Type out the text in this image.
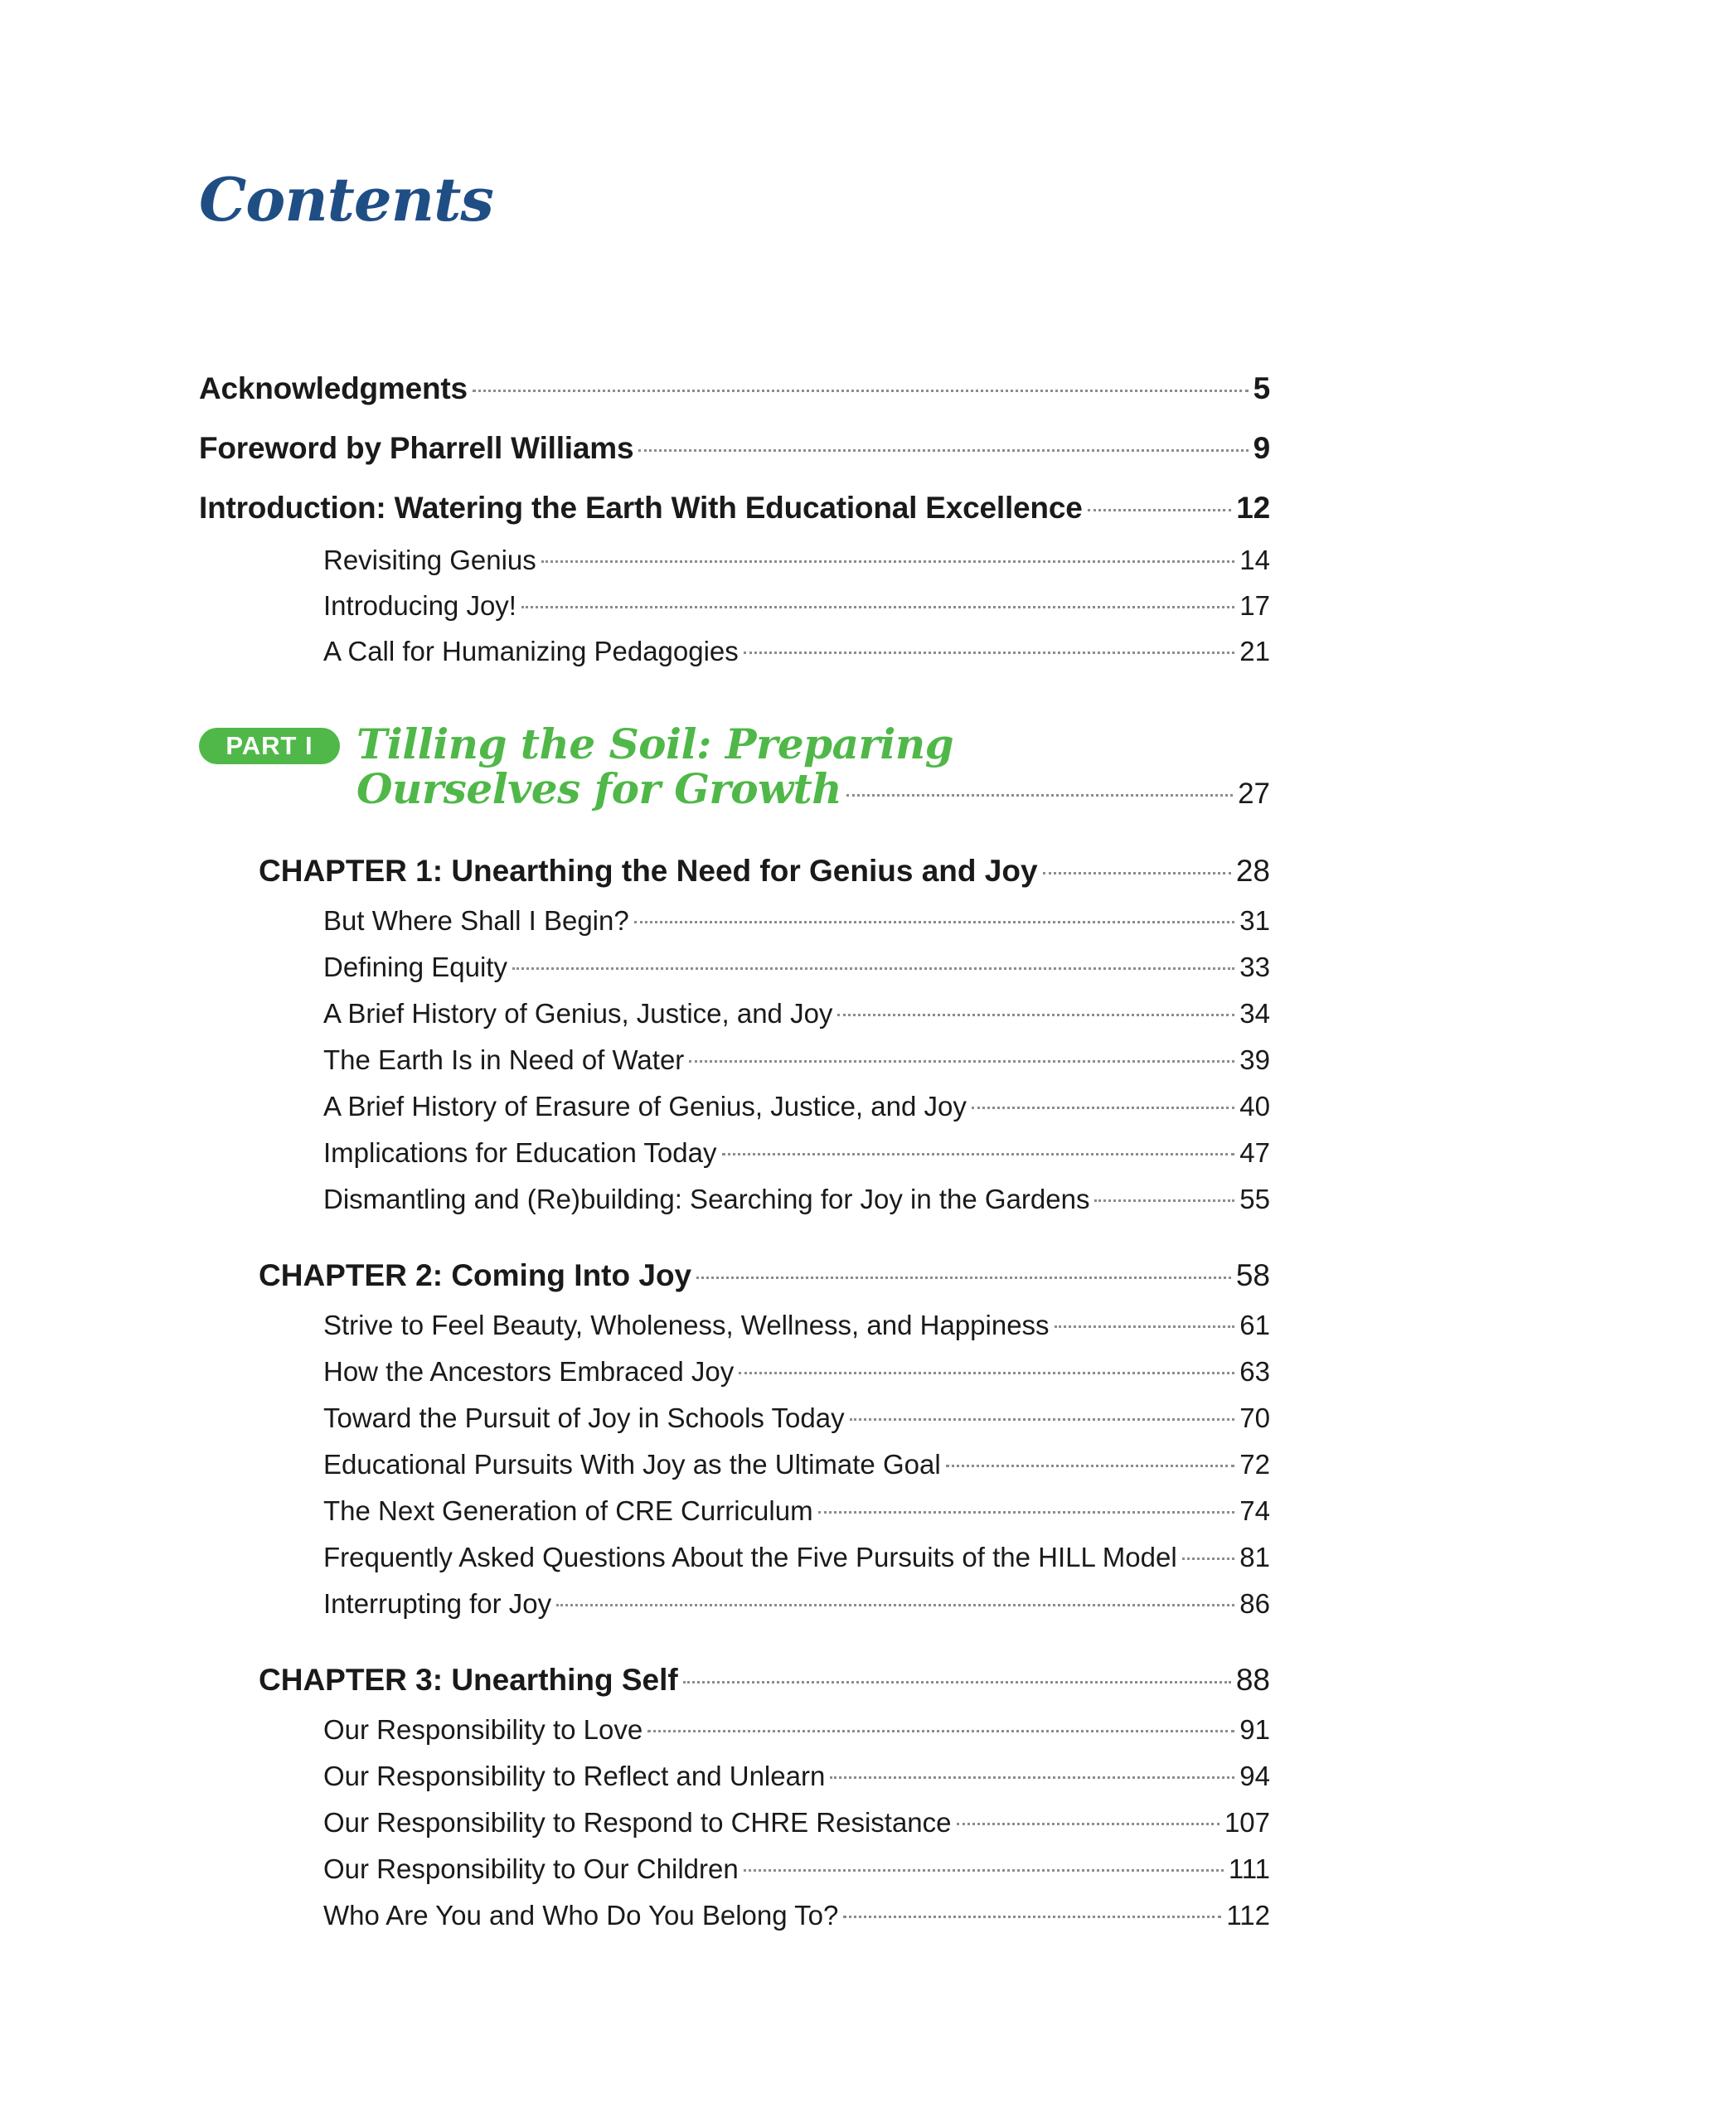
Contents
Acknowledgments	5
Foreword by Pharrell Williams	9
Introduction: Watering the Earth With Educational Excellence	12
Revisiting Genius	14
Introducing Joy!	17
A Call for Humanizing Pedagogies	21
PART I	Tilling the Soil: Preparing
Ourselves for Growth	27
CHAPTER 1: Unearthing the Need for Genius and Joy	28
But Where Shall I Begin?	31
Defining Equity	33
A Brief History of Genius, Justice, and Joy	34
The Earth Is in Need of Water	39
A Brief History of Erasure of Genius, Justice, and Joy	40
Implications for Education Today	47
Dismantling and (Re)building: Searching for Joy in the Gardens	55
CHAPTER 2: Coming Into Joy	58
Strive to Feel Beauty, Wholeness, Wellness, and Happiness	61
How the Ancestors Embraced Joy	63
Toward the Pursuit of Joy in Schools Today	70
Educational Pursuits With Joy as the Ultimate Goal	72
The Next Generation of CRE Curriculum	74
Frequently Asked Questions About the Five Pursuits of the HILL Model 81
Interrupting for Joy	86
CHAPTER 3: Unearthing Self	88
Our Responsibility to Love	91
Our Responsibility to Reflect and Unlearn	94
Our Responsibility to Respond to CHRE Resistance	107
Our Responsibility to Our Children	111
Who Are You and Who Do You Belong To?	112
